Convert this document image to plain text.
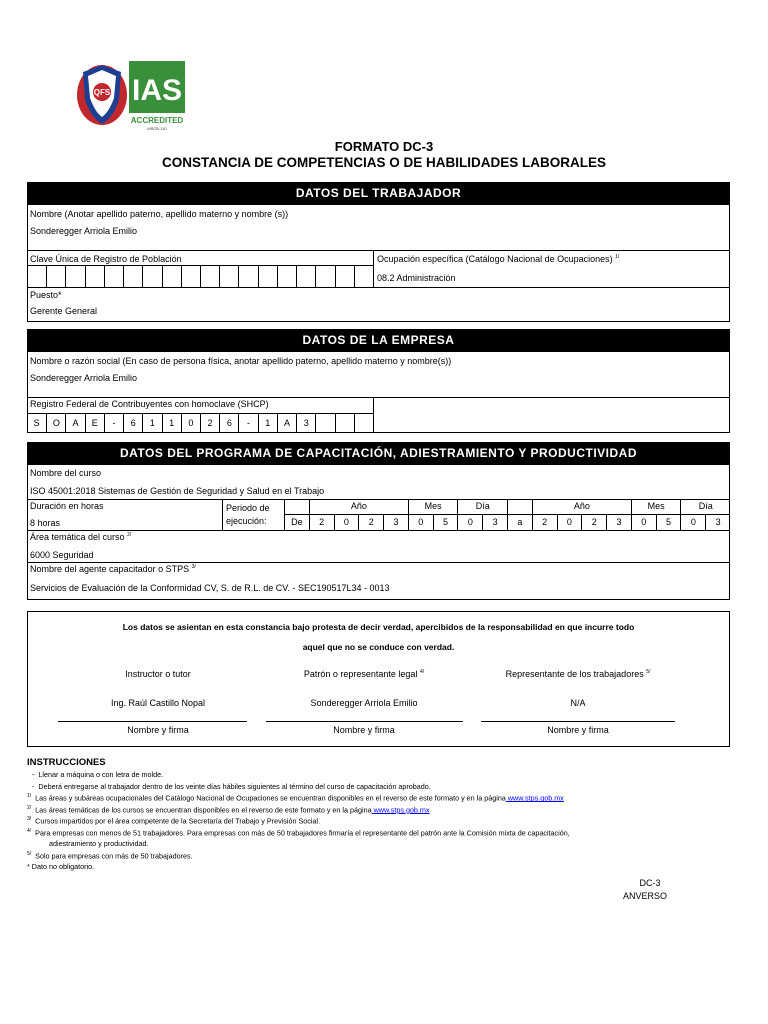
QFS IAS
ACCREDITED
MSCB-110
FORMATO DC-3
CONSTANCIA DE COMPETENCIAS O DE HABILIDADES LABORALES
DATOS DEL TRABAJADOR
Nombre (Anotar apellido paterno, apellido materno y nombre (s))
Sonderegger Arriola Emilio
Clave Única de Registro de Población	Ocupación específica (Catálogo Nacional de Ocupaciones) $^{1/}$
08.2 Administración
Puesto*
Gerente General
DATOS DE LA EMPRESA
Nombre o razón social (En caso de persona física, anotar apellido paterno, apellido materno y nombre(s))
Sonderegger Arriola Emilio
Registro Federal de Contribuyentes con homoclave (SHCP)
S	O	A	E	-	6	1	1	0	2	6	-	1	A	3
DATOS DEL PROGRAMA DE CAPACITACIÓN, ADIESTRAMIENTO Y PRODUCTIVIDAD
Nombre del curso
ISO 45001:2018 Sistemas de Gestión de Seguridad y Salud en el Trabajo
Duración en horas
8 horas
Periodo de
ejecución:
Año	Mes	Día	Año	Mes	Día
De	2	0	2	3	0	5	0	3	a	2	0	2	3	0	5	0	3
Área temática del curso $^{2/}$
6000 Seguridad
Nombre del agente capacitador o STPS $^{3/}$
Servicios de Evaluación de la Conformidad CV, S. de R.L. de CV. - SEC190517L34 - 0013
Los datos se asientan en esta constancia bajo protesta de decir verdad, apercibidos de la responsabilidad en que incurre todo
aquel que no se conduce con verdad.
Instructor o tutor	Patrón o representante legal $^{4/}$	Representante de los trabajadores $^{5/}$
Ing. Raúl Castillo Nopal	Sonderegger Arriola Emilio	N/A
Nombre y firma	Nombre y firma	Nombre y firma
INSTRUCCIONES
- Llenar a máquina o con letra de molde.
- Deberá entregarse al trabajador dentro de los veinte días hábiles siguientes al término del curso de capacitación aprobado.
$^{1/}$ Las áreas y subáreas ocupacionales del Catálogo Nacional de Ocupaciones se encuentran disponibles en el reverso de este formato y en la página www.stps.gob.mx
$^{2/}$ Las áreas temáticas de los cursos se encuentran disponibles en el reverso de este formato y en la página www.stps.gob.mx
$^{3/}$ Cursos impartidos por el área competente de la Secretaría del Trabajo y Previsión Social.
$^{4/}$ Para empresas con menos de 51 trabajadores. Para empresas con más de 50 trabajadores firmaría el representante del patrón ante la Comisión mixta de capacitación,
adiestramiento y productividad.
$^{5/}$ Solo para empresas con más de 50 trabajadores.
* Dato no obligatorio.
DC-3
ANVERSO
